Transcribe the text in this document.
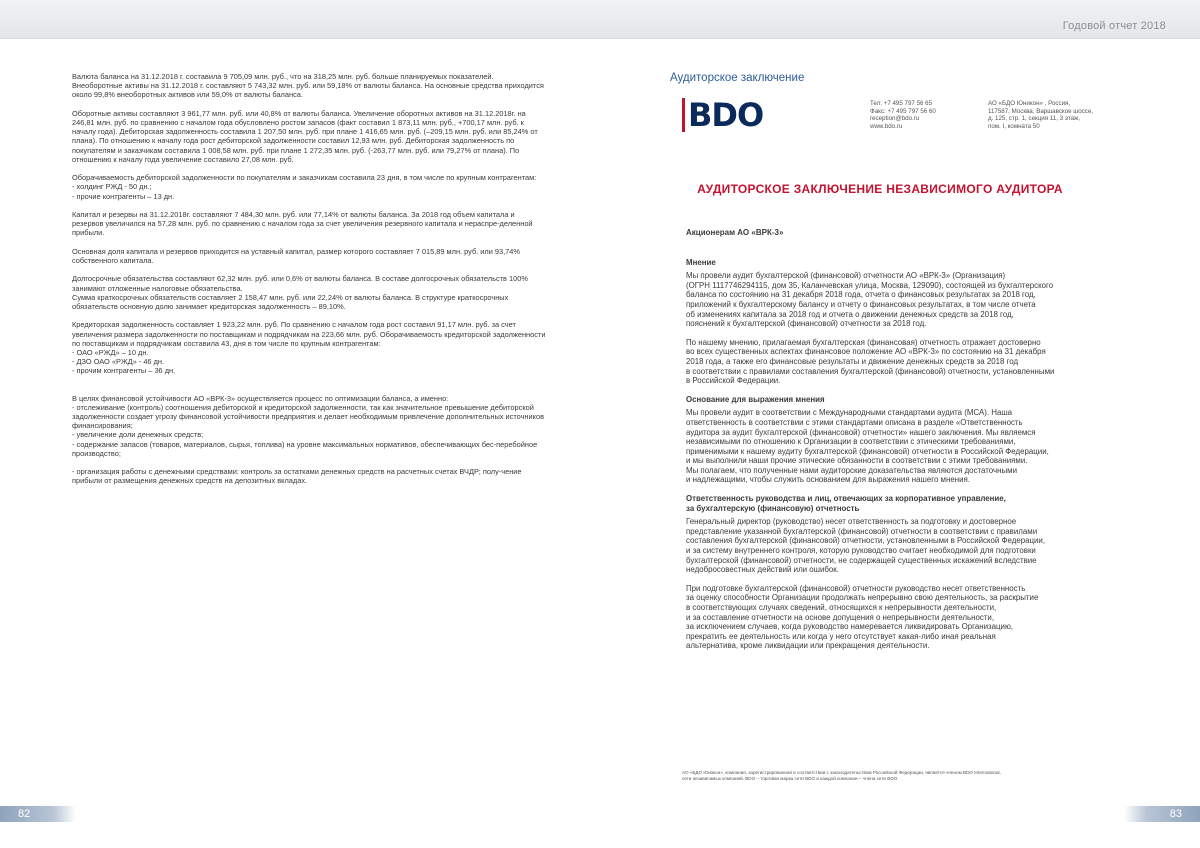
Годовой отчет 2018

Валюта баланса на 31.12.2018 г. составила 9 705,09 млн. руб., что на 318,25 млн. руб. больше планируемых показателей.
Внеоборотные активы на 31.12.2018 г. составляют 5 743,32 млн. руб. или 59,18% от валюты баланса. На основные средства приходится около 99,8% внеоборотных активов или 59,0% от валюты баланса.

Оборотные активы составляют 3 961,77 млн. руб. или 40,8% от валюты баланса. Увеличение оборотных активов на 31.12.2018г. на 246,81 млн. руб. по сравнению с началом года обусловлено ростом запасов (факт составил 1 873,11 млн. руб., +700,17 млн. руб. к началу года). Дебиторская задолженность составила 1 207,50 млн. руб. при плане 1 416,65 млн. руб. (–209,15 млн. руб. или 85,24% от плана). По отношению к началу года рост дебиторской задолженности составил 12,93 млн. руб. Дебиторская задолженность по покупателям и заказчикам составила 1 008,58 млн. руб. при плане 1 272,35 млн. руб. (-263,77 млн. руб. или 79,27% от плана). По отношению к началу года увеличение составило 27,08 млн. руб.

Оборачиваемость дебиторской задолженности по покупателям и заказчикам составила 23 дня, в том числе по крупным контрагентам:
- холдинг РЖД - 50 дн.;
- прочие контрагенты – 13 дн.

Капитал и резервы на 31.12.2018г. составляют 7 484,30 млн. руб. или 77,14% от валюты баланса. За 2018 год объем капитала и резервов увеличился на 57,28 млн. руб. по сравнению с началом года за счет увеличения резервного капитала и нераспре-деленной прибыли.

Основная доля капитала и резервов приходится на уставный капитал, размер которого составляет 7 015,89 млн. руб. или 93,74% собственного капитала.

Долгосрочные обязательства составляют 62,32 млн. руб. или 0,6% от валюты баланса. В составе долгосрочных обязательств 100% занимают отложенные налоговые обязательства.
Сумма краткосрочных обязательств составляет 2 158,47 млн. руб. или 22,24% от валюты баланса. В структуре краткосрочных обязательств основную долю занимает кредиторская задолженность – 89,10%.

Кредиторская задолженность составляет 1 923,22 млн. руб. По сравнению с началом года рост составил 91,17 млн. руб. за счет увеличения размера задолженности по поставщикам и подрядчикам на 223,66 млн. руб. Оборачиваемость кредиторской задолженности по поставщикам и подрядчикам составила 43, дня в том числе по крупным контрагентам:
- ОАО «РЖД» – 10 дн.
- ДЗО ОАО «РЖД» - 46 дн.
- прочим контрагенты – 36 дн.

В целях финансовой устойчивости АО «ВРК-3» осуществляется процесс по оптимизации баланса, а именно:
- отслеживание (контроль) соотношения дебиторской и кредиторской задолженности, так как значительное превышение дебиторской задолженности создает угрозу финансовой устойчивости предприятия и делает необходимым привлечение дополнительных источников финансирования;
- увеличение доли денежных средств;
- содержание запасов (товаров, материалов, сырья, топлива) на уровне максимальных нормативов, обеспечивающих бес-перебойное производство;

- организация работы с денежными средствами: контроль за остатками денежных средств на расчетных счетах ВЧДР; полу-чение прибыли от размещения денежных средств на депозитных вкладах.

Аудиторское заключение
BDO	Тел: +7 495 797 56 65
Факс: +7 495 797 56 60
reception@bdo.ru
www.bdo.ru
АО «БДО Юникон» , Россия,
117587, Москва, Варшавское шоссе,
д. 125, стр. 1, секция 11, 3 этаж,
пом. I, комната 50
АУДИТОРСКОЕ ЗАКЛЮЧЕНИЕ НЕЗАВИСИМОГО АУДИТОРА
Акционерам АО «ВРК-3»
Мнение

Мы провели аудит бухгалтерской (финансовой) отчетности АО «ВРК-3» (Организация)
(ОГРН 1117746294115, дом 35, Каланчевская улица, Москва, 129090), состоящей из бухгалтерского
баланса по состоянию на 31 декабря 2018 года, отчета о финансовых результатах за 2018 год,
приложений к бухгалтерскому балансу и отчету о финансовых результатах, в том числе отчета
об изменениях капитала за 2018 год и отчета о движении денежных средств за 2018 год,
пояснений к бухгалтерской (финансовой) отчетности за 2018 год.

По нашему мнению, прилагаемая бухгалтерская (финансовая) отчетность отражает достоверно
во всех существенных аспектах финансовое положение АО «ВРК-3» по состоянию на 31 декабря
2018 года, а также его финансовые результаты и движение денежных средств за 2018 год
в соответствии с правилами составления бухгалтерской (финансовой) отчетности, установленными
в Российской Федерации.

Основание для выражения мнения

Мы провели аудит в соответствии с Международными стандартами аудита (МСА). Наша
ответственность в соответствии с этими стандартами описана в разделе «Ответственность
аудитора за аудит бухгалтерской (финансовой) отчетности» нашего заключения. Мы являемся
независимыми по отношению к Организации в соответствии с этическими требованиями,
применимыми к нашему аудиту бухгалтерской (финансовой) отчетности в Российской Федерации,
и мы выполнили наши прочие этические обязанности в соответствии с этими требованиями.
Мы полагаем, что полученные нами аудиторские доказательства являются достаточными
и надлежащими, чтобы служить основанием для выражения нашего мнения.

Ответственность руководства и лиц, отвечающих за корпоративное управление,
за бухгалтерскую (финансовую) отчетность

Генеральный директор (руководство) несет ответственность за подготовку и достоверное
представление указанной бухгалтерской (финансовой) отчетности в соответствии с правилами
составления бухгалтерской (финансовой) отчетности, установленными в Российской Федерации,
и за систему внутреннего контроля, которую руководство считает необходимой для подготовки
бухгалтерской (финансовой) отчетности, не содержащей существенных искажений вследствие
недобросовестных действий или ошибок.

При подготовке бухгалтерской (финансовой) отчетности руководство несет ответственность
за оценку способности Организации продолжать непрерывно свою деятельность, за раскрытие
в соответствующих случаях сведений, относящихся к непрерывности деятельности,
и за составление отчетности на основе допущения о непрерывности деятельности,
за исключением случаев, когда руководство намеревается ликвидировать Организацию,
прекратить ее деятельность или когда у него отсутствует какая-либо иная реальная
альтернатива, кроме ликвидации или прекращения деятельности.

АО «БДО Юникон», компания, зарегистрированная в соответствии с законодательством Российской Федерации, является членом BDO International,
сети независимых компаний. BDO – торговая марка сети BDO и каждой компании – члена сети BDO.
82	83
